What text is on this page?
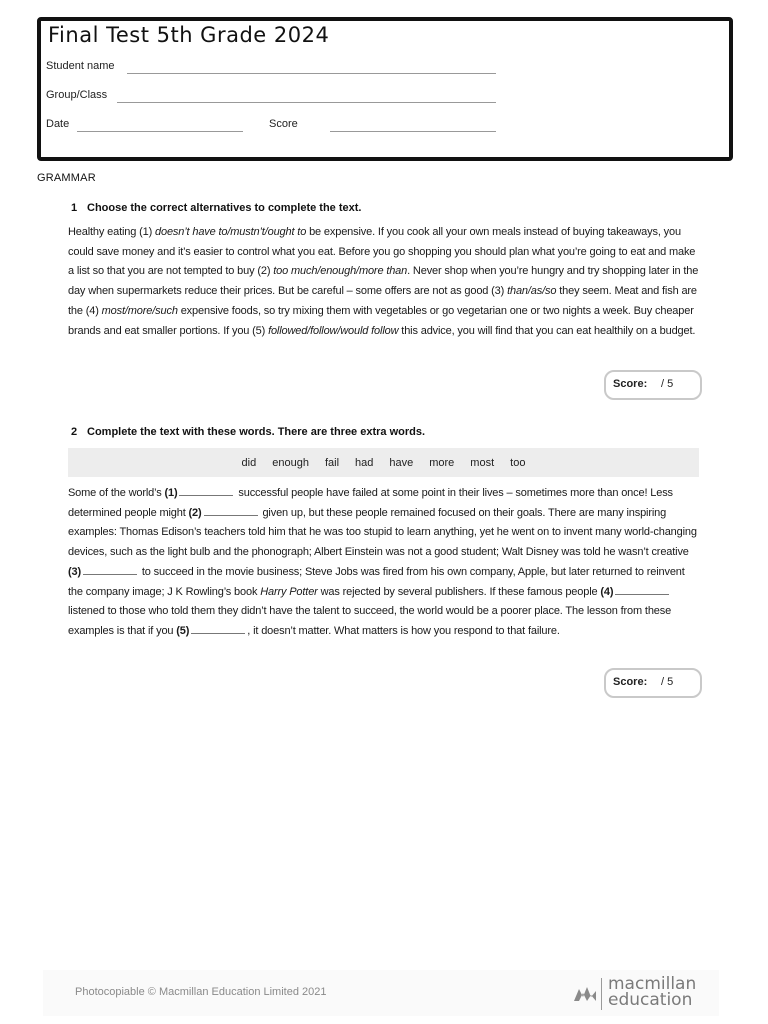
Final Test 5th Grade 2024
Student name
Group/Class
Date	Score
GRAMMAR
1 Choose the correct alternatives to complete the text.
Healthy eating (1) doesn’t have to/mustn’t/ought to be expensive. If you cook all your own meals instead of buying takeaways, you could save money and it’s easier to control what you eat. Before you go shopping you should plan what you’re going to eat and make a list so that you are not tempted to buy (2) too much/enough/more than. Never shop when you’re hungry and try shopping later in the day when supermarkets reduce their prices. But be careful – some offers are not as good (3) than/as/so they seem. Meat and fish are the (4) most/more/such expensive foods, so try mixing them with vegetables or go vegetarian one or two nights a week. Buy cheaper brands and eat smaller portions. If you (5) followed/follow/would follow this advice, you will find that you can eat healthily on a budget.
Score: / 5
2 Complete the text with these words. There are three extra words.
did enough fail had have more most too
Some of the world’s (1)	successful people have failed at some point in their lives – sometimes more than once! Less determined people might (2)	given up, but these people remained focused on their goals. There are many inspiring examples: Thomas Edison’s teachers told him that he was too stupid to learn anything, yet he went on to invent many world-changing devices, such as the light bulb and the phonograph; Albert Einstein was not a good student; Walt Disney was told he wasn’t creative (3)	to succeed in the movie business; Steve Jobs was fired from his own company, Apple, but later returned to reinvent the company image; J K Rowling’s book Harry Potter was rejected by several publishers. If these famous people (4) listened to those who told them they didn’t have the talent to succeed, the world would be a poorer place. The lesson from these examples is that if you (5)	, it doesn’t matter. What matters is how you respond to that failure.
Score: / 5
Photocopiable © Macmillan Education Limited 2021	macmillan
education
